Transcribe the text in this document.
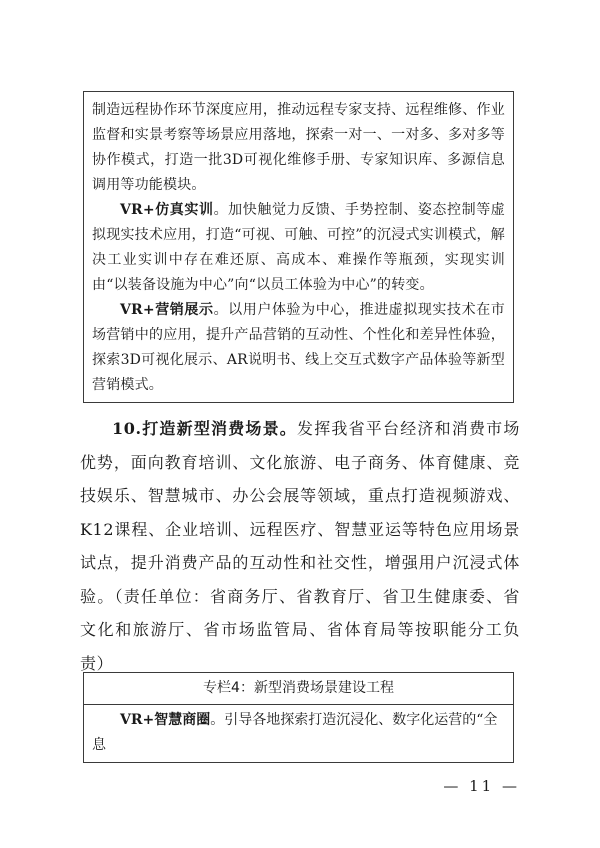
制造远程协作环节深度应用，推动远程专家支持、远程维修、作业监督和实景考察等场景应用落地，探索一对一、一对多、多对多等协作模式，打造一批3D可视化维修手册、专家知识库、多源信息调用等功能模块。

VR+仿真实训。加快触觉力反馈、手势控制、姿态控制等虚拟现实技术应用，打造“可视、可触、可控”的沉浸式实训模式，解决工业实训中存在难还原、高成本、难操作等瓶颈，实现实训由“以装备设施为中心”向“以员工体验为中心”的转变。

VR+营销展示。以用户体验为中心，推进虚拟现实技术在市场营销中的应用，提升产品营销的互动性、个性化和差异性体验，探索3D可视化展示、AR说明书、线上交互式数字产品体验等新型营销模式。

10.打造新型消费场景。发挥我省平台经济和消费市场优势，面向教育培训、文化旅游、电子商务、体育健康、竞技娱乐、智慧城市、办公会展等领域，重点打造视频游戏、K12课程、企业培训、远程医疗、智慧亚运等特色应用场景试点，提升消费产品的互动性和社交性，增强用户沉浸式体验。（责任单位：省商务厅、省教育厅、省卫生健康委、省文化和旅游厅、省市场监管局、省体育局等按职能分工负责）

专栏4：新型消费场景建设工程
VR+智慧商圈。引导各地探索打造沉浸化、数字化运营的“全息
— 11 —
